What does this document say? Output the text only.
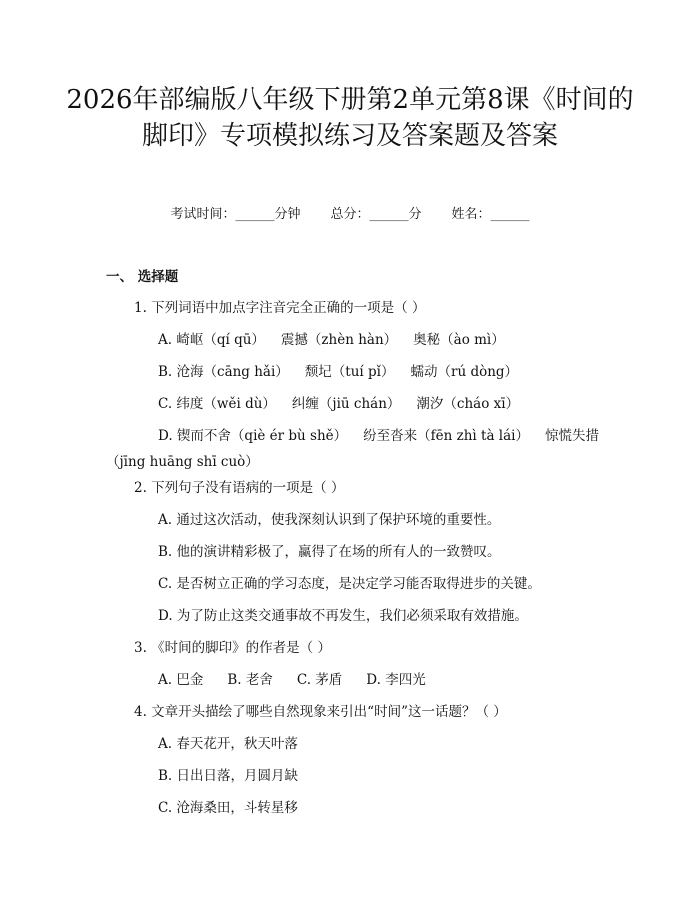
2026年部编版八年级下册第2单元第8课《时间的脚印》专项模拟练习及答案题及答案
考试时间：______分钟 总分：______分 姓名：______
一、 选择题
1. 下列词语中加点字注音完全正确的一项是（ ）
A. 崎岖（qí qū） 震撼（zhèn hàn） 奥秘（ào mì）
B. 沧海（cāng hǎi） 颓圮（tuí pǐ） 蠕动（rú dòng）
C. 纬度（wěi dù） 纠缠（jiū chán） 潮汐（cháo xī）
D. 锲而不舍（qiè ér bù shě） 纷至沓来（fēn zhì tà lái） 惊慌失措（jīng huāng shī cuò）
2. 下列句子没有语病的一项是（ ）
A. 通过这次活动，使我深刻认识到了保护环境的重要性。
B. 他的演讲精彩极了，赢得了在场的所有人的一致赞叹。
C. 是否树立正确的学习态度，是决定学习能否取得进步的关键。
D. 为了防止这类交通事故不再发生，我们必须采取有效措施。
3. 《时间的脚印》的作者是（ ）
A. 巴金 B. 老舍 C. 茅盾 D. 李四光
4. 文章开头描绘了哪些自然现象来引出“时间”这一话题？（ ）
A. 春天花开，秋天叶落
B. 日出日落，月圆月缺
C. 沧海桑田，斗转星移
